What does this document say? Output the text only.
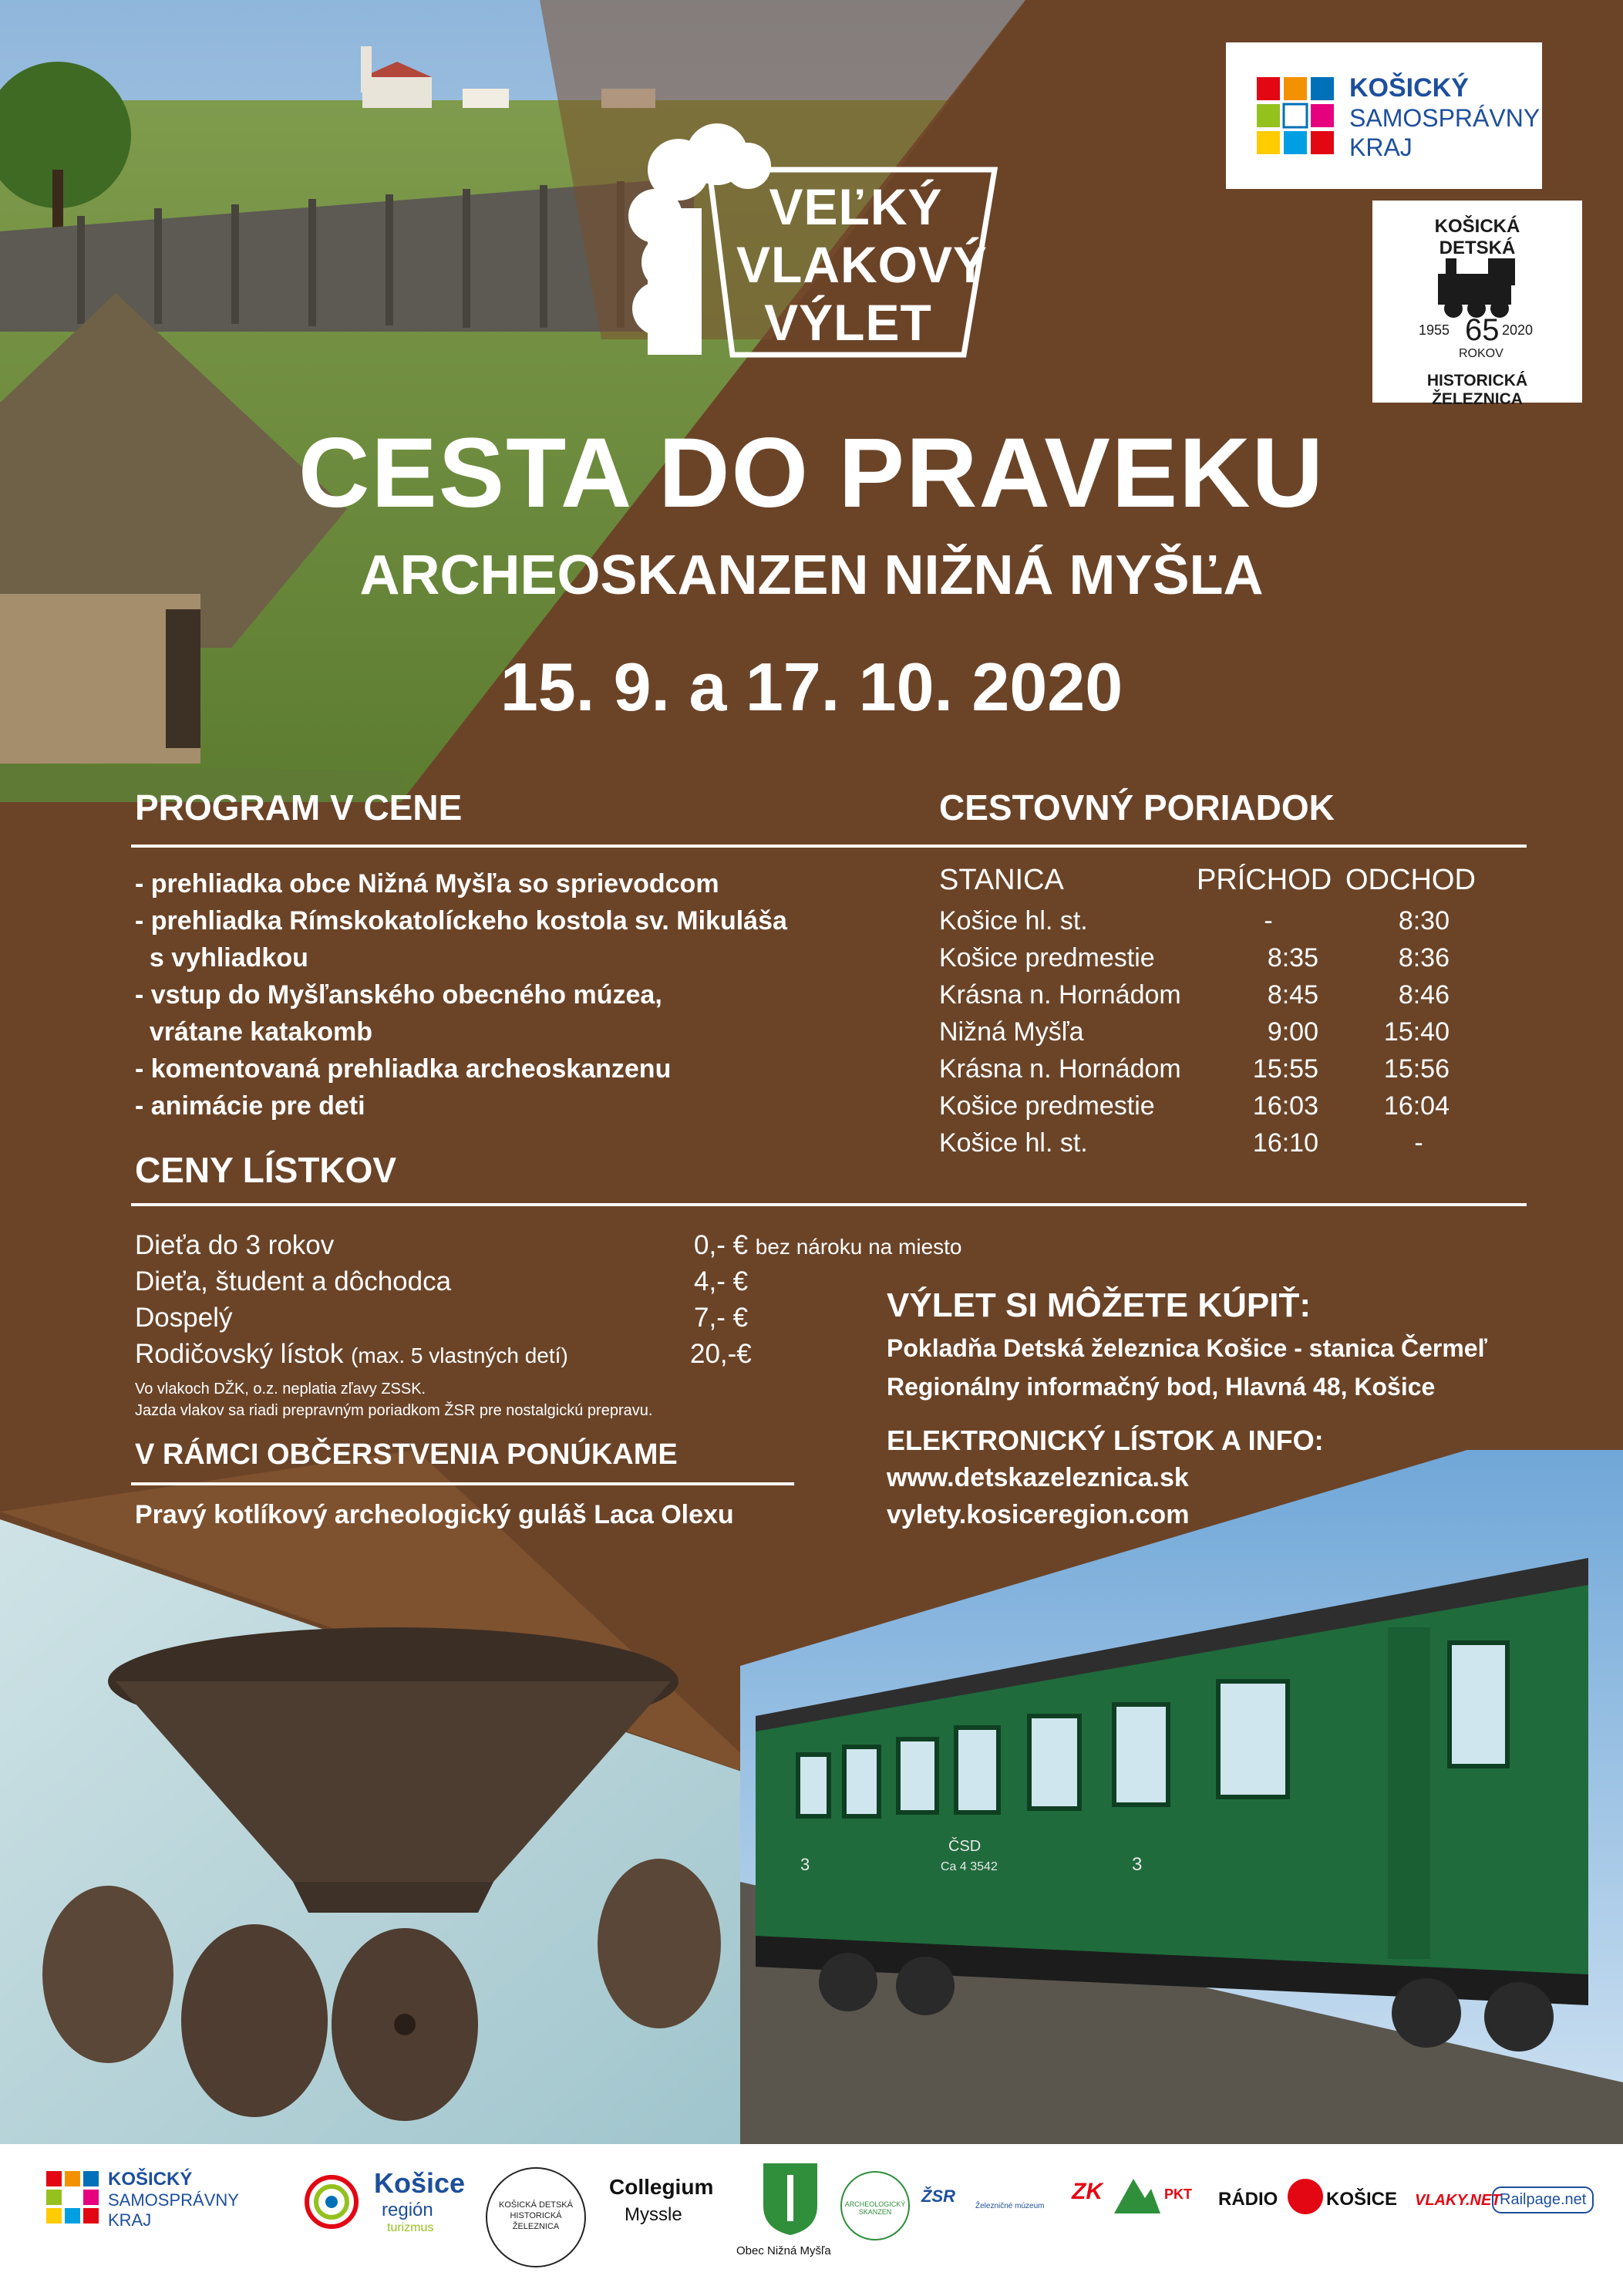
3	3
ČSD
Ca 4 3542
KOŠICKÝ
SAMOSPRÁVNY
KRAJ
KOŠICKÁ DETSKÁ
1955 65 2020
ROKOV
HISTORICKÁ ŽELEZNICA
VEĽKÝ
VLAKOVÝ
VÝLET
CESTA DO PRAVEKU
ARCHEOSKANZEN NIŽNÁ MYŠĽA
15. 9. a 17. 10. 2020
PROGRAM V CENE
- prehliadka obce Nižná Myšľa so sprievodcom
- prehliadka Rímskokatolíckeho kostola sv. Mikuláša
s vyhliadkou
- vstup do Myšľanského obecného múzea,
vrátane katakomb
- komentovaná prehliadka archeoskanzenu
- animácie pre deti
CESTOVNÝ PORIADOK
STANICA	PRÍCHOD ODCHOD
Košice hl. st.	-	8:30
Košice predmestie	8:35	8:36
Krásna n. Hornádom	8:45	8:46
Nižná Myšľa	9:00	15:40
Krásna n. Hornádom	15:55	15:56
Košice predmestie	16:03	16:04
Košice hl. st.	16:10	-
CENY LÍSTKOV
Dieťa do 3 rokov	0,- € bez nároku na miesto
Dieťa, študent a dôchodca	4,- €
Dospelý	7,- €
Rodičovský lístok (max. 5 vlastných detí)	20,-€
Vo vlakoch DŽK, o.z. neplatia zľavy ZSSK.
Jazda vlakov sa riadi prepravným poriadkom ŽSR pre nostalgickú prepravu.
V RÁMCI OBČERSTVENIA PONÚKAME
Pravý kotlíkový archeologický guláš Laca Olexu
VÝLET SI MÔŽETE KÚPIŤ:
Pokladňa Detská železnica Košice - stanica Čermeľ
Regionálny informačný bod, Hlavná 48, Košice
ELEKTRONICKÝ LÍSTOK A INFO:
www.detskazeleznica.sk
vylety.kosiceregion.com
KOŠICKÝ
SAMOSPRÁVNY
KRAJ
Košice
región
turizmus
KOŠICKÁ DETSKÁ HISTORICKÁ ŽELEZNICA
Collegium
Myssle
Obec Nižná Myšľa
ARCHEOLOGICKÝ SKANZEN
ŽSR
Železničné múzeum
ZK	PKT RÁDIO	KOŠICE VLAKY.NET
Railpage.net
